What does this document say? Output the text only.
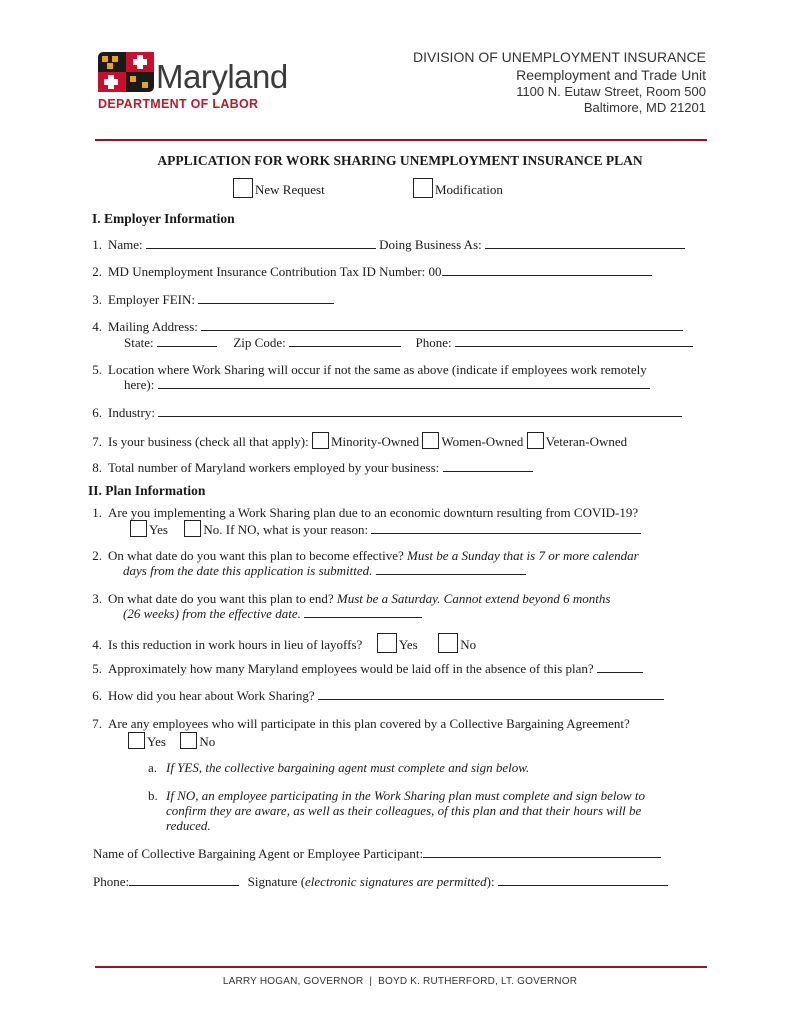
Maryland
DEPARTMENT OF LABOR
DIVISION OF UNEMPLOYMENT INSURANCE
Reemployment and Trade Unit
1100 N. Eutaw Street, Room 500
Baltimore, MD 21201
APPLICATION FOR WORK SHARING UNEMPLOYMENT INSURANCE PLAN
New Request	Modification
I. Employer Information
1. Name:	Doing Business As:
2. MD Unemployment Insurance Contribution Tax ID Number: 00
3. Employer FEIN:
4. Mailing Address:
State:	Zip Code:	Phone:
5. Location where Work Sharing will occur if not the same as above (indicate if employees work remotely
here):
6. Industry:
7. Is your business (check all that apply): Minority-Owned Women-Owned Veteran-Owned
8. Total number of Maryland workers employed by your business:
II. Plan Information
1. Are you implementing a Work Sharing plan due to an economic downturn resulting from COVID-19?
Yes	No. If NO, what is your reason:
2. On what date do you want this plan to become effective? Must be a Sunday that is 7 or more calendar
days from the date this application is submitted.
3. On what date do you want this plan to end? Must be a Saturday. Cannot extend beyond 6 months
(26 weeks) from the effective date.
4. Is this reduction in work hours in lieu of layoffs?	Yes	No
5. Approximately how many Maryland employees would be laid off in the absence of this plan?
6. How did you hear about Work Sharing?
7. Are any employees who will participate in this plan covered by a Collective Bargaining Agreement?
Yes	No
a. If YES, the collective bargaining agent must complete and sign below.
b. If NO, an employee participating in the Work Sharing plan must complete and sign below to
confirm they are aware, as well as their colleagues, of this plan and that their hours will be
reduced.
Name of Collective Bargaining Agent or Employee Participant:
Phone:	Signature (electronic signatures are permitted):
LARRY HOGAN, GOVERNOR  |  BOYD K. RUTHERFORD, LT. GOVERNOR
